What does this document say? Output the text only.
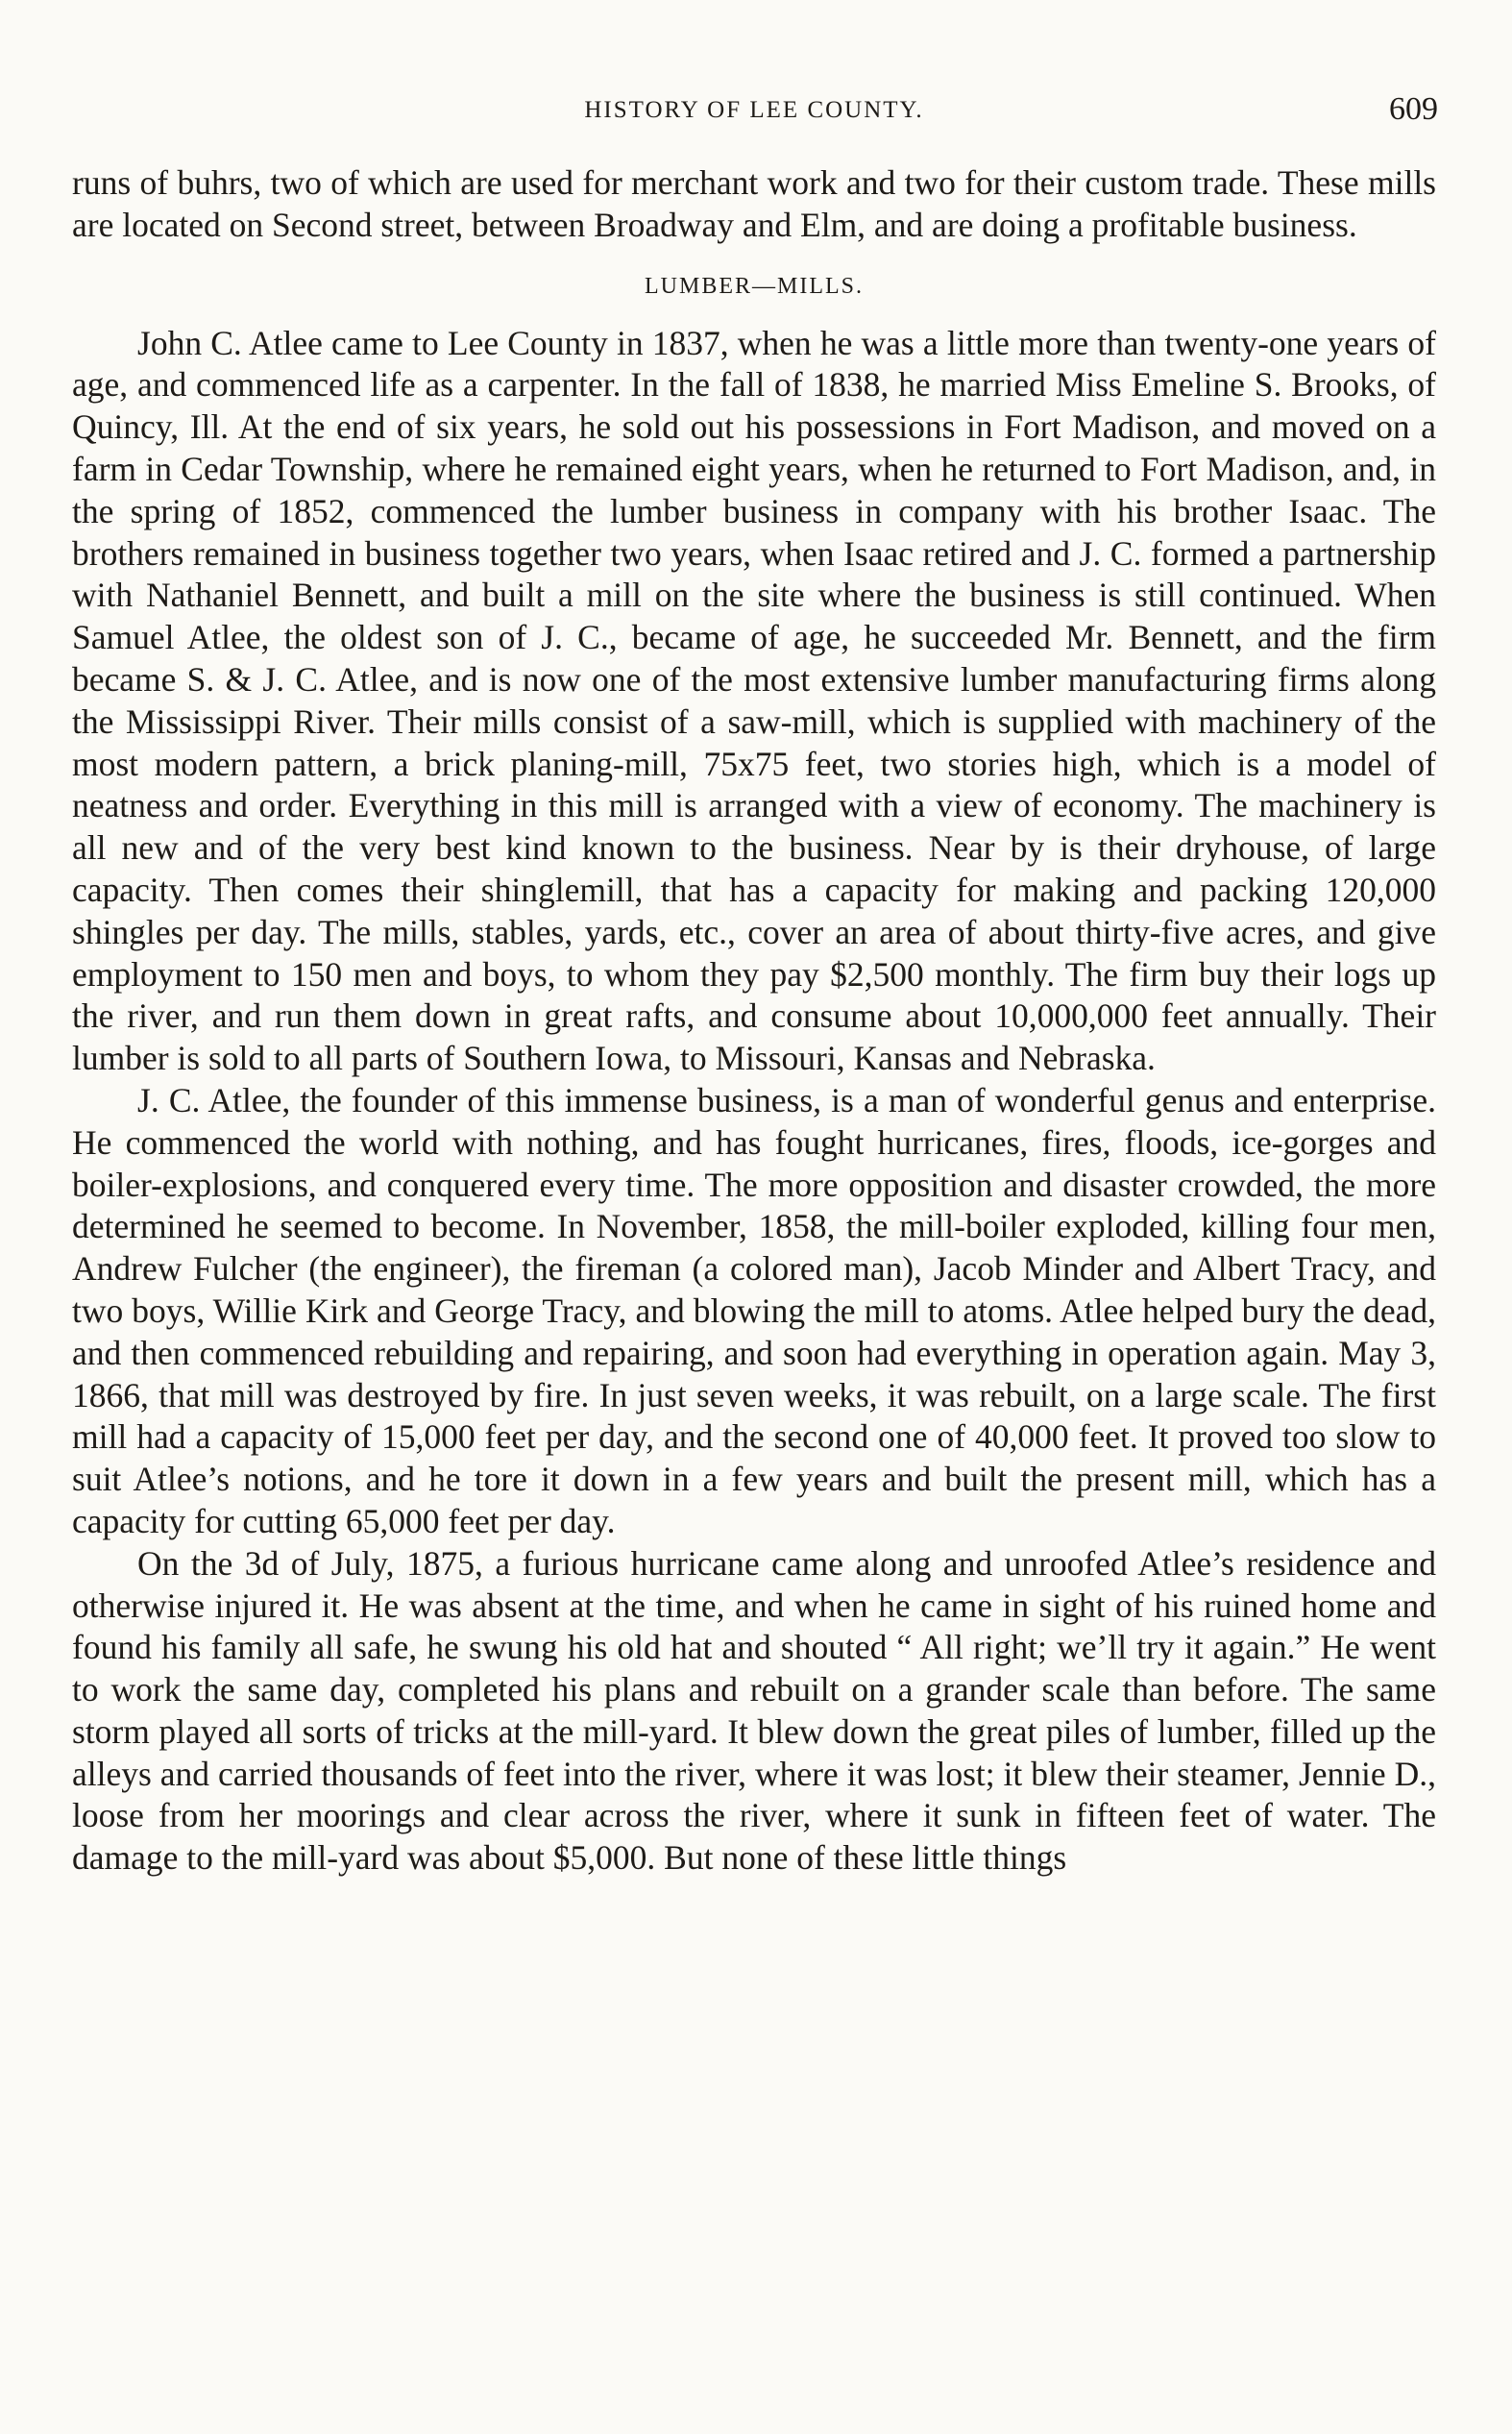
HISTORY OF LEE COUNTY.	609

runs of buhrs, two of which are used for merchant work and two for their custom trade. These mills are located on Second street, between Broadway and Elm, and are doing a profitable business.

LUMBER—MILLS.

John C. Atlee came to Lee County in 1837, when he was a little more than twenty-one years of age, and commenced life as a carpenter. In the fall of 1838, he married Miss Emeline S. Brooks, of Quincy, Ill. At the end of six years, he sold out his possessions in Fort Madison, and moved on a farm in Cedar Township, where he remained eight years, when he returned to Fort Madison, and, in the spring of 1852, commenced the lumber business in company with his brother Isaac. The brothers remained in business together two years, when Isaac retired and J. C. formed a partnership with Nathaniel Bennett, and built a mill on the site where the business is still continued. When Samuel Atlee, the oldest son of J. C., became of age, he succeeded Mr. Bennett, and the firm became S. & J. C. Atlee, and is now one of the most extensive lumber manufacturing firms along the Mississippi River. Their mills consist of a saw-mill, which is supplied with machinery of the most modern pattern, a brick planing-mill, 75x75 feet, two stories high, which is a model of neatness and order. Everything in this mill is arranged with a view of economy. The machinery is all new and of the very best kind known to the business. Near by is their dryhouse, of large capacity. Then comes their shinglemill, that has a capacity for making and packing 120,000 shingles per day. The mills, stables, yards, etc., cover an area of about thirty-five acres, and give employment to 150 men and boys, to whom they pay $2,500 monthly. The firm buy their logs up the river, and run them down in great rafts, and consume about 10,000,000 feet annually. Their lumber is sold to all parts of Southern Iowa, to Missouri, Kansas and Nebraska.

J. C. Atlee, the founder of this immense business, is a man of wonderful genus and enterprise. He commenced the world with nothing, and has fought hurricanes, fires, floods, ice-gorges and boiler-explosions, and conquered every time. The more opposition and disaster crowded, the more determined he seemed to become. In November, 1858, the mill-boiler exploded, killing four men, Andrew Fulcher (the engineer), the fireman (a colored man), Jacob Minder and Albert Tracy, and two boys, Willie Kirk and George Tracy, and blowing the mill to atoms. Atlee helped bury the dead, and then commenced rebuilding and repairing, and soon had everything in operation again. May 3, 1866, that mill was destroyed by fire. In just seven weeks, it was rebuilt, on a large scale. The first mill had a capacity of 15,000 feet per day, and the second one of 40,000 feet. It proved too slow to suit Atlee’s notions, and he tore it down in a few years and built the present mill, which has a capacity for cutting 65,000 feet per day.

On the 3d of July, 1875, a furious hurricane came along and unroofed Atlee’s residence and otherwise injured it. He was absent at the time, and when he came in sight of his ruined home and found his family all safe, he swung his old hat and shouted “ All right; we’ll try it again.” He went to work the same day, completed his plans and rebuilt on a grander scale than before. The same storm played all sorts of tricks at the mill-yard. It blew down the great piles of lumber, filled up the alleys and carried thousands of feet into the river, where it was lost; it blew their steamer, Jennie D., loose from her moorings and clear across the river, where it sunk in fifteen feet of water. The damage to the mill-yard was about $5,000. But none of these little things
